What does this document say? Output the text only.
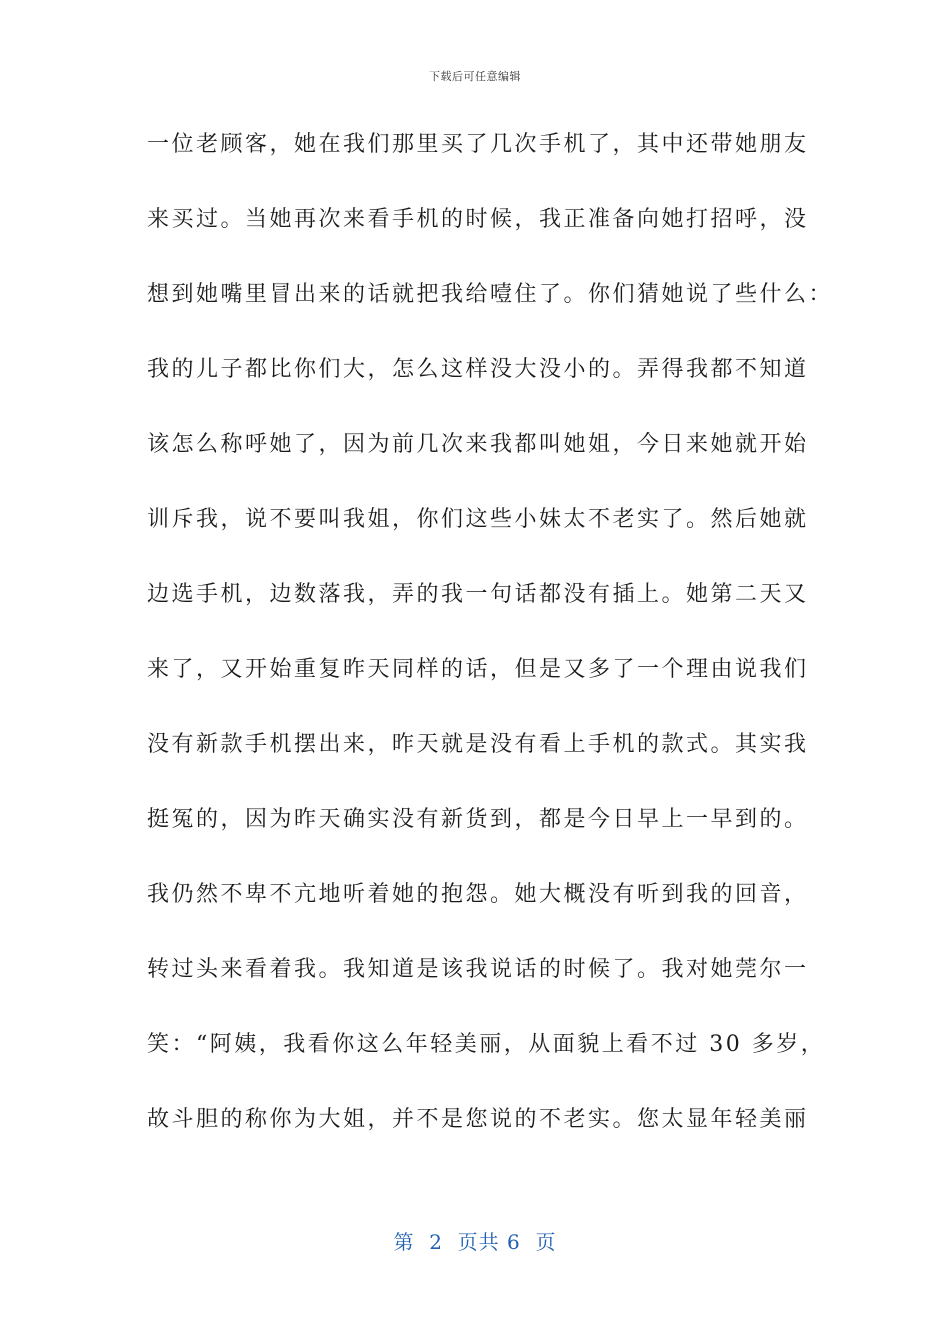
下载后可任意编辑
一位老顾客，她在我们那里买了几次手机了，其中还带她朋友
来买过。当她再次来看手机的时候，我正准备向她打招呼，没
想到她嘴里冒出来的话就把我给噎住了。你们猜她说了些什么：
我的儿子都比你们大，怎么这样没大没小的。弄得我都不知道
该怎么称呼她了，因为前几次来我都叫她姐，今日来她就开始
训斥我，说不要叫我姐，你们这些小妹太不老实了。然后她就
边选手机，边数落我，弄的我一句话都没有插上。她第二天又
来了，又开始重复昨天同样的话，但是又多了一个理由说我们
没有新款手机摆出来，昨天就是没有看上手机的款式。其实我
挺冤的，因为昨天确实没有新货到，都是今日早上一早到的。
我仍然不卑不亢地听着她的抱怨。她大概没有听到我的回音，
转过头来看着我。我知道是该我说话的时候了。我对她莞尔一
笑：“阿姨，我看你这么年轻美丽，从面貌上看不过 30 多岁，
故斗胆的称你为大姐，并不是您说的不老实。您太显年轻美丽
第  2  页共 6  页
